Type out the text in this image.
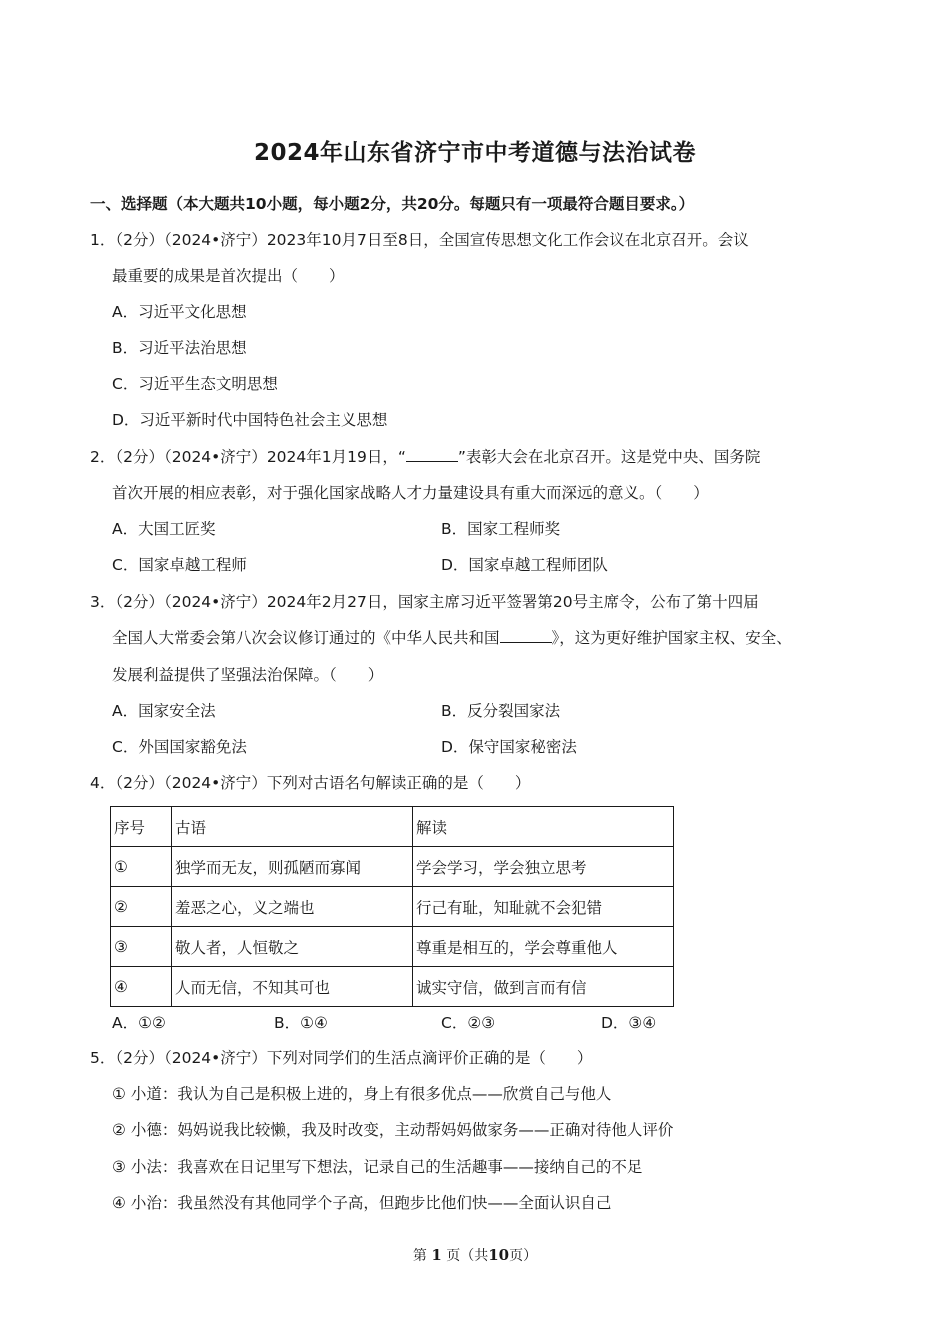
2024年山东省济宁市中考道德与法治试卷
一、选择题（本大题共10小题，每小题2分，共20分。每题只有一项最符合题目要求。）
1．（2分）（2024•济宁）2023年10月7日至8日，全国宣传思想文化工作会议在北京召开。会议
最重要的成果是首次提出（　　）
A．习近平文化思想
B．习近平法治思想
C．习近平生态文明思想
D．习近平新时代中国特色社会主义思想
2．（2分）（2024•济宁）2024年1月19日，“	”表彰大会在北京召开。这是党中央、国务院
首次开展的相应表彰，对于强化国家战略人才力量建设具有重大而深远的意义。（　　）
A．大国工匠奖	B．国家工程师奖
C．国家卓越工程师	D．国家卓越工程师团队
3．（2分）（2024•济宁）2024年2月27日，国家主席习近平签署第20号主席令，公布了第十四届
全国人大常委会第八次会议修订通过的《中华人民共和国	》，这为更好维护国家主权、安全、
发展利益提供了坚强法治保障。（　　）
A．国家安全法	B．反分裂国家法
C．外国国家豁免法	D．保守国家秘密法
4．（2分）（2024•济宁）下列对古语名句解读正确的是（　　）
序号	古语	解读
①	独学而无友，则孤陋而寡闻	学会学习，学会独立思考
②	羞恶之心，义之端也	行己有耻，知耻就不会犯错
③	敬人者，人恒敬之	尊重是相互的，学会尊重他人
④	人而无信，不知其可也	诚实守信，做到言而有信
A．①②	B．①④	C．②③	D．③④
5．（2分）（2024•济宁）下列对同学们的生活点滴评价正确的是（　　）
① 小道：我认为自己是积极上进的，身上有很多优点——欣赏自己与他人
② 小德：妈妈说我比较懒，我及时改变，主动帮妈妈做家务——正确对待他人评价
③ 小法：我喜欢在日记里写下想法，记录自己的生活趣事——接纳自己的不足
④ 小治：我虽然没有其他同学个子高，但跑步比他们快——全面认识自己
第 1 页（共10页）
